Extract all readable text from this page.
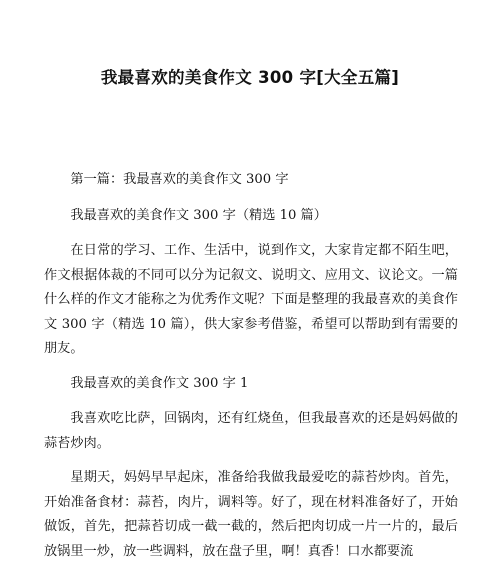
我最喜欢的美食作文 300 字[大全五篇]

第一篇：我最喜欢的美食作文 300 字

我最喜欢的美食作文 300 字（精选 10 篇）

在日常的学习、工作、生活中，说到作文，大家肯定都不陌生吧，作文根据体裁的不同可以分为记叙文、说明文、应用文、议论文。一篇什么样的作文才能称之为优秀作文呢？下面是整理的我最喜欢的美食作文 300 字（精选 10 篇），供大家参考借鉴，希望可以帮助到有需要的朋友。

我最喜欢的美食作文 300 字 1

我喜欢吃比萨，回锅肉，还有红烧鱼，但我最喜欢的还是妈妈做的蒜苔炒肉。

星期天，妈妈早早起床，准备给我做我最爱吃的蒜苔炒肉。首先，开始准备食材：蒜苔，肉片，调料等。好了，现在材料准备好了，开始做饭，首先，把蒜苔切成一截一截的，然后把肉切成一片一片的，最后放锅里一炒，放一些调料，放在盘子里，啊！真香！口水都要流
